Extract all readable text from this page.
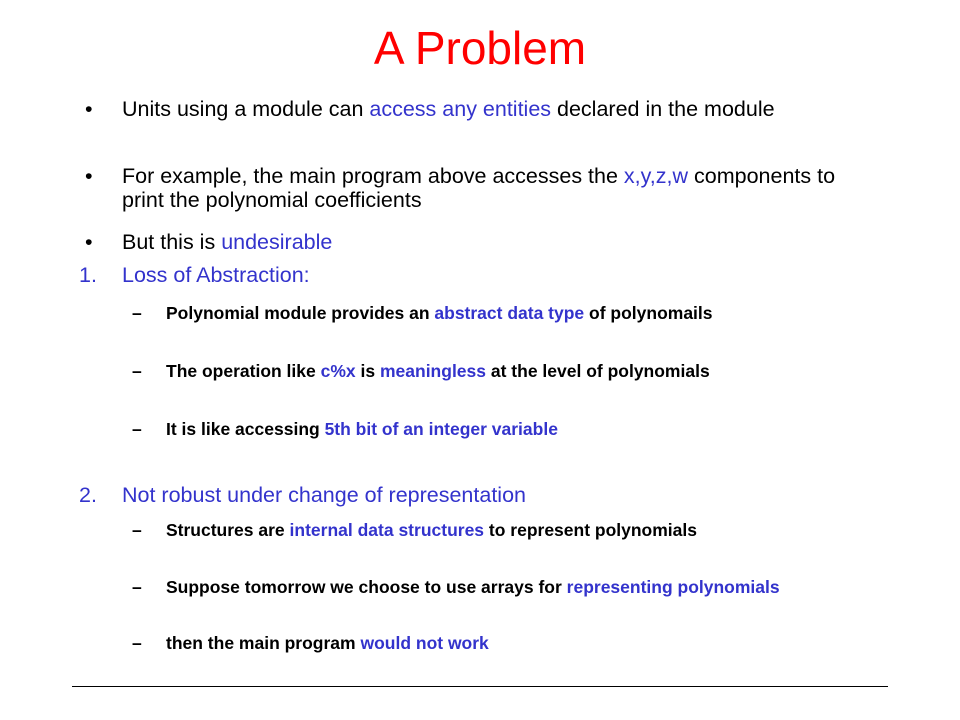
A Problem
• Units using a module can access any entities declared in the module
• For example, the main program above accesses the x,y,z,w components to print the polynomial coefficients
• But this is undesirable
1. Loss of Abstraction:
– Polynomial module provides an abstract data type of polynomails
– The operation like c%x is meaningless at the level of polynomials
– It is like accessing 5th bit of an integer variable
2. Not robust under change of representation
– Structures are internal data structures to represent polynomials
– Suppose tomorrow we choose to use arrays for representing polynomials
– then the main program would not work
